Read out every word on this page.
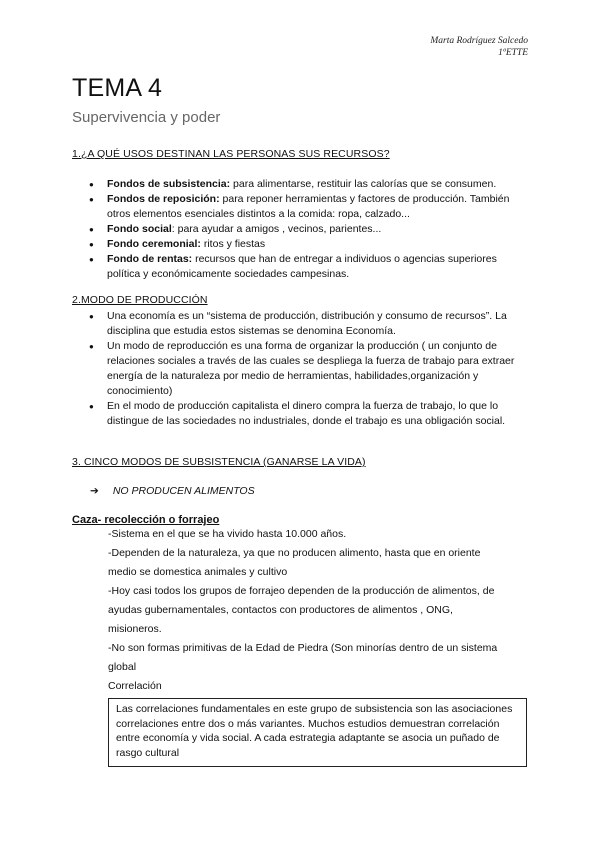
Marta Rodríguez Salcedo
1ºETTE
TEMA 4
Supervivencia y poder
1.¿A QUÉ USOS DESTINAN LAS PERSONAS SUS RECURSOS?
● Fondos de subsistencia: para alimentarse, restituir las calorías que se consumen.
● Fondos de reposición: para reponer herramientas y factores de producción. También otros elementos esenciales distintos a la comida: ropa, calzado...
● Fondo social: para ayudar a amigos , vecinos, parientes...
● Fondo ceremonial: ritos y fiestas
● Fondo de rentas: recursos que han de entregar a individuos o agencias superiores política y económicamente sociedades campesinas.
2.MODO DE PRODUCCIÓN
● Una economía es un “sistema de producción, distribución y consumo de recursos”. La disciplina que estudia estos sistemas se denomina Economía.
● Un modo de reproducción es una forma de organizar la producción ( un conjunto de relaciones sociales a través de las cuales se despliega la fuerza de trabajo para extraer energía de la naturaleza por medio de herramientas, habilidades,organización y conocimiento)
● En el modo de producción capitalista el dinero compra la fuerza de trabajo, lo que lo distingue de las sociedades no industriales, donde el trabajo es una obligación social.
3. CINCO MODOS DE SUBSISTENCIA (GANARSE LA VIDA)
➔ NO PRODUCEN ALIMENTOS
Caza- recolección o forrajeo
-Sistema en el que se ha vivido hasta 10.000 años.
-Dependen de la naturaleza, ya que no producen alimento, hasta que en oriente
medio se domestica animales y cultivo
-Hoy casi todos los grupos de forrajeo dependen de la producción de alimentos, de
ayudas gubernamentales, contactos con productores de alimentos , ONG,
misioneros.
-No son formas primitivas de la Edad de Piedra (Son minorías dentro de un sistema
global
Correlación
Las correlaciones fundamentales en este grupo de subsistencia son las asociaciones correlaciones entre dos o más variantes. Muchos estudios demuestran correlación entre economía y vida social. A cada estrategia adaptante se asocia un puñado de rasgo cultural
